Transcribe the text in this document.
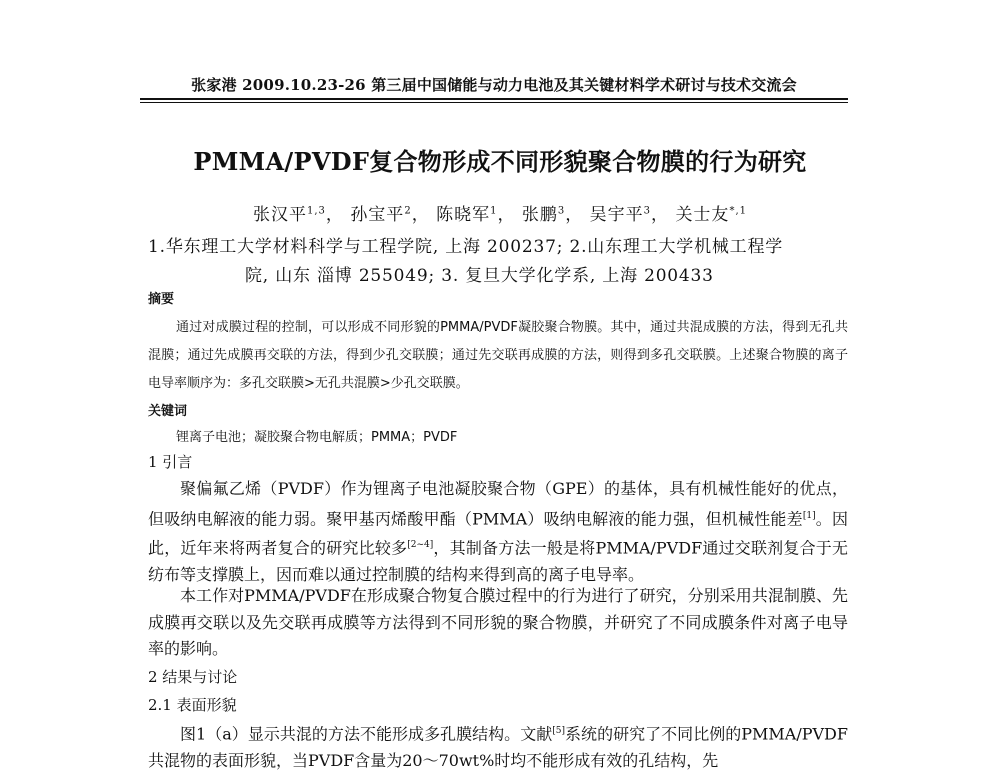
张家港 2009.10.23-26 第三届中国储能与动力电池及其关键材料学术研讨与技术交流会
PMMA/PVDF复合物形成不同形貌聚合物膜的行为研究
张汉平$^{1,3}$， 孙宝平$^2$， 陈晓军$^1$， 张鹏$^3$， 吴宇平$^3$， 关士友$^{*,1}$
1.华东理工大学材料科学与工程学院, 上海 200237; 2.山东理工大学机械工程学
院, 山东 淄博 255049; 3. 复旦大学化学系, 上海 200433
摘要
通过对成膜过程的控制，可以形成不同形貌的PMMA/PVDF凝胶聚合物膜。其中，通过共混成膜的方法，得到无孔共混膜；通过先成膜再交联的方法，得到少孔交联膜；通过先交联再成膜的方法，则得到多孔交联膜。上述聚合物膜的离子电导率顺序为：多孔交联膜>无孔共混膜>少孔交联膜。
关键词
锂离子电池；凝胶聚合物电解质；PMMA；PVDF
1 引言
聚偏氟乙烯（PVDF）作为锂离子电池凝胶聚合物（GPE）的基体，具有机械性能好的优点，但吸纳电解液的能力弱。聚甲基丙烯酸甲酯（PMMA）吸纳电解液的能力强，但机械性能差[1]。因此，近年来将两者复合的研究比较多[2~4]，其制备方法一般是将PMMA/PVDF通过交联剂复合于无纺布等支撑膜上，因而难以通过控制膜的结构来得到高的离子电导率。
本工作对PMMA/PVDF在形成聚合物复合膜过程中的行为进行了研究，分别采用共混制膜、先成膜再交联以及先交联再成膜等方法得到不同形貌的聚合物膜，并研究了不同成膜条件对离子电导率的影响。
2 结果与讨论
2.1 表面形貌
图1（a）显示共混的方法不能形成多孔膜结构。文献[5]系统的研究了不同比例的PMMA/PVDF共混物的表面形貌，当PVDF含量为20～70wt%时均不能形成有效的孔结构，先
